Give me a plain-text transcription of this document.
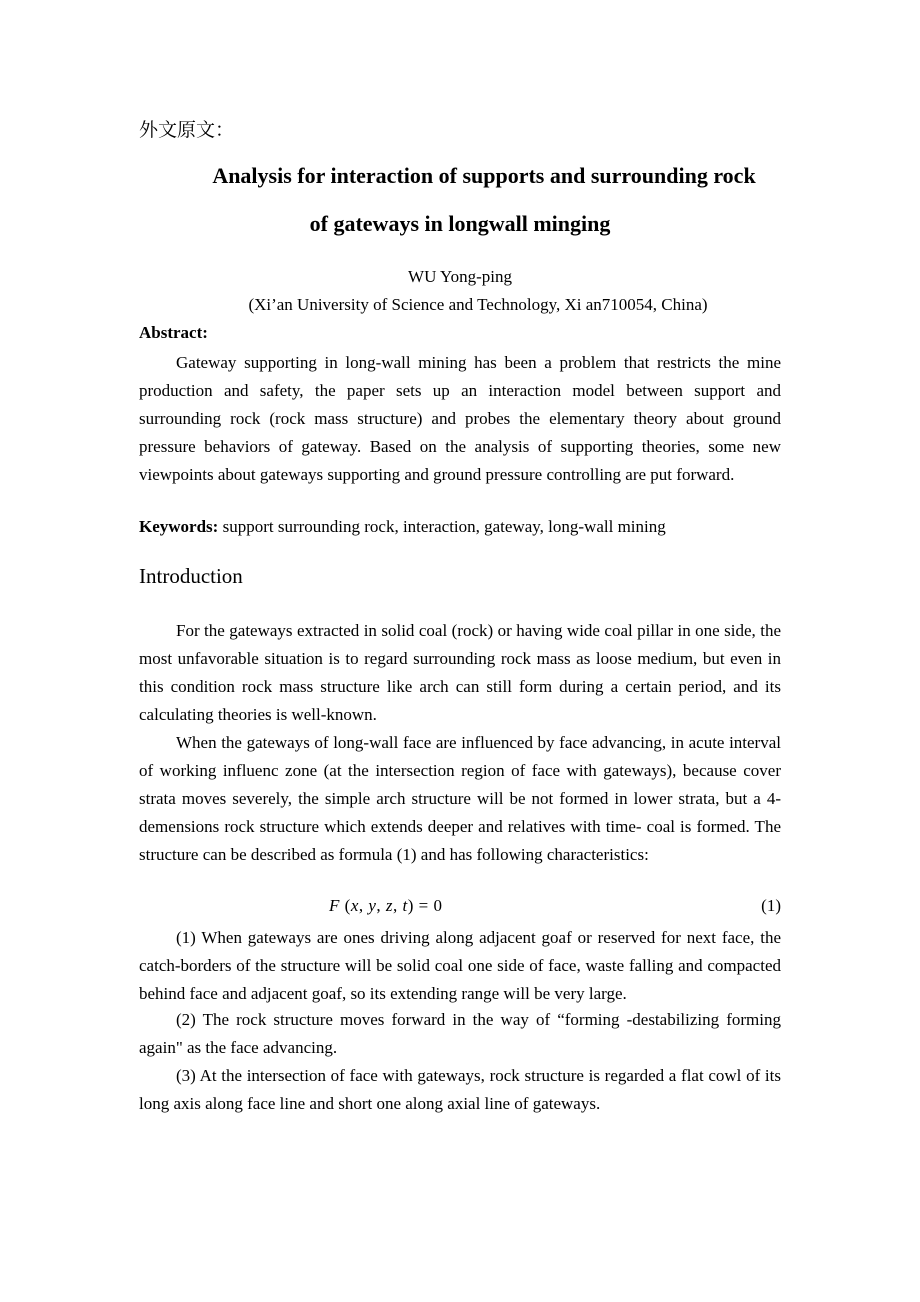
外文原文：
Analysis for interaction of supports and surrounding rock
of gateways in longwall minging
WU Yong-ping
(Xi’an University of Science and Technology, Xi an710054, China)
Abstract:
Gateway supporting in long-wall mining has been a problem that restricts the mine production and safety, the paper sets up an interaction model between support and surrounding rock (rock mass structure) and probes the elementary theory about ground pressure behaviors of gateway. Based on the analysis of supporting theories, some new viewpoints about gateways supporting and ground pressure controlling are put forward.
Keywords: support surrounding rock, interaction, gateway, long-wall mining
Introduction
For the gateways extracted in solid coal (rock) or having wide coal pillar in one side, the most unfavorable situation is to regard surrounding rock mass as loose medium, but even in this condition rock mass structure like arch can still form during a certain period, and its calculating theories is well-known.
When the gateways of long-wall face are influenced by face advancing, in acute interval of working influenc zone (at the intersection region of face with gateways), because cover strata moves severely, the simple arch structure will be not formed in lower strata, but a 4-demensions rock structure which extends deeper and relatives with time- coal is formed. The structure can be described as formula (1) and has following characteristics:
F (x, y, z, t) = 0	(1)
(1) When gateways are ones driving along adjacent goaf or reserved for next face, the catch-borders of the structure will be solid coal one side of face, waste falling and compacted behind face and adjacent goaf, so its extending range will be very large.
(2) The rock structure moves forward in the way of “forming -destabilizing forming again" as the face advancing.
(3) At the intersection of face with gateways, rock structure is regarded a flat cowl of its long axis along face line and short one along axial line of gateways.
